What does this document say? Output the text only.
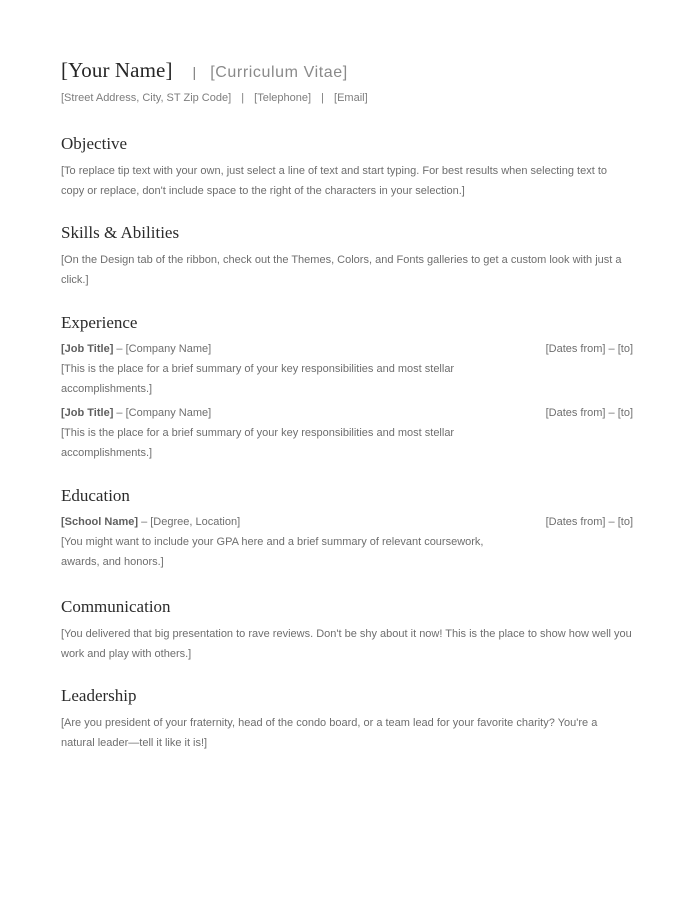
[Your Name] | [Curriculum Vitae]
[Street Address, City, ST Zip Code] | [Telephone] | [Email]
Objective
[To replace tip text with your own, just select a line of text and start typing. For best results when selecting text to copy or replace, don't include space to the right of the characters in your selection.]
Skills & Abilities
[On the Design tab of the ribbon, check out the Themes, Colors, and Fonts galleries to get a custom look with just a click.]
Experience
[Job Title] – [Company Name]	[Dates from] – [to]
[This is the place for a brief summary of your key responsibilities and most stellar accomplishments.]
[Job Title] – [Company Name]	[Dates from] – [to]
[This is the place for a brief summary of your key responsibilities and most stellar accomplishments.]
Education
[School Name] – [Degree, Location]	[Dates from] – [to]
[You might want to include your GPA here and a brief summary of relevant coursework, awards, and honors.]
Communication
[You delivered that big presentation to rave reviews. Don't be shy about it now! This is the place to show how well you work and play with others.]
Leadership
[Are you president of your fraternity, head of the condo board, or a team lead for your favorite charity? You're a natural leader—tell it like it is!]
